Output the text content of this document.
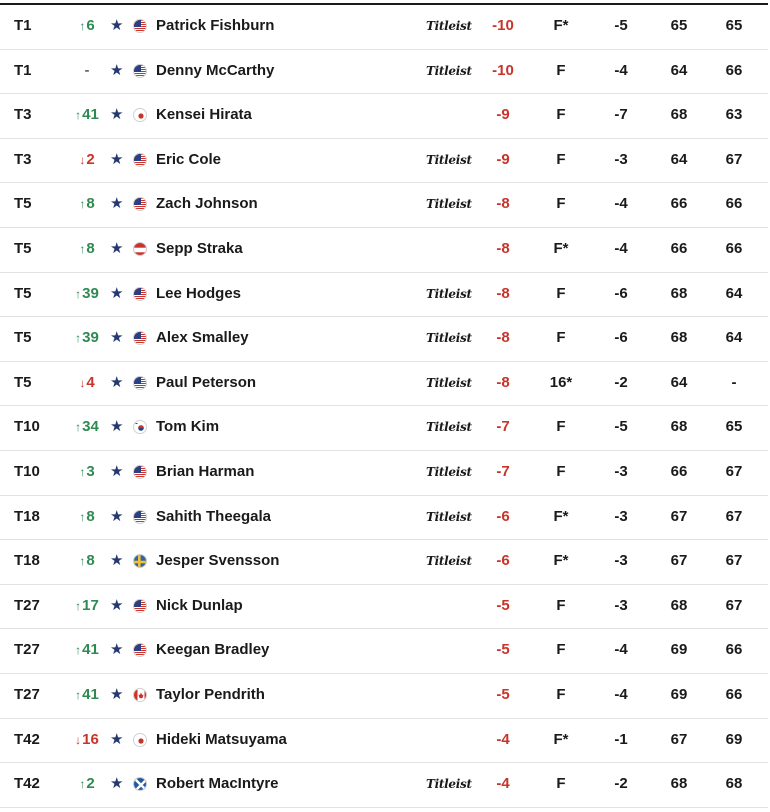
T1	↑6	★ Patrick Fishburn	Titleist	-10	F*	-5	65	65
T1	-	★ Denny McCarthy	Titleist	-10	F	-4	64	66
T3	↑41 ★ Kensei Hirata	-9	F	-7	68	63
T3	↓2	★ Eric Cole	Titleist	-9	F	-3	64	67
T5	↑8	★ Zach Johnson	Titleist	-8	F	-4	66	66
T5	↑8	★ Sepp Straka	-8	F*	-4	66	66
T5	↑39 ★ Lee Hodges	Titleist	-8	F	-6	68	64
T5	↑39 ★ Alex Smalley	Titleist	-8	F	-6	68	64
T5	↓4	★ Paul Peterson	Titleist	-8	16*	-2	64	-
T10	↑34 ★ Tom Kim	Titleist	-7	F	-5	68	65
T10	↑3	★ Brian Harman	Titleist	-7	F	-3	66	67
T18	↑8	★ Sahith Theegala	Titleist	-6	F*	-3	67	67
T18	↑8	★ Jesper Svensson	Titleist	-6	F*	-3	67	67
T27	↑17 ★ Nick Dunlap	-5	F	-3	68	67
T27	↑41 ★ Keegan Bradley	-5	F	-4	69	66
T27	↑41 ★ Taylor Pendrith	-5	F	-4	69	66
T42	↓16 ★ Hideki Matsuyama	-4	F*	-1	67	69
T42	↑2	★ Robert MacIntyre	Titleist	-4	F	-2	68	68
